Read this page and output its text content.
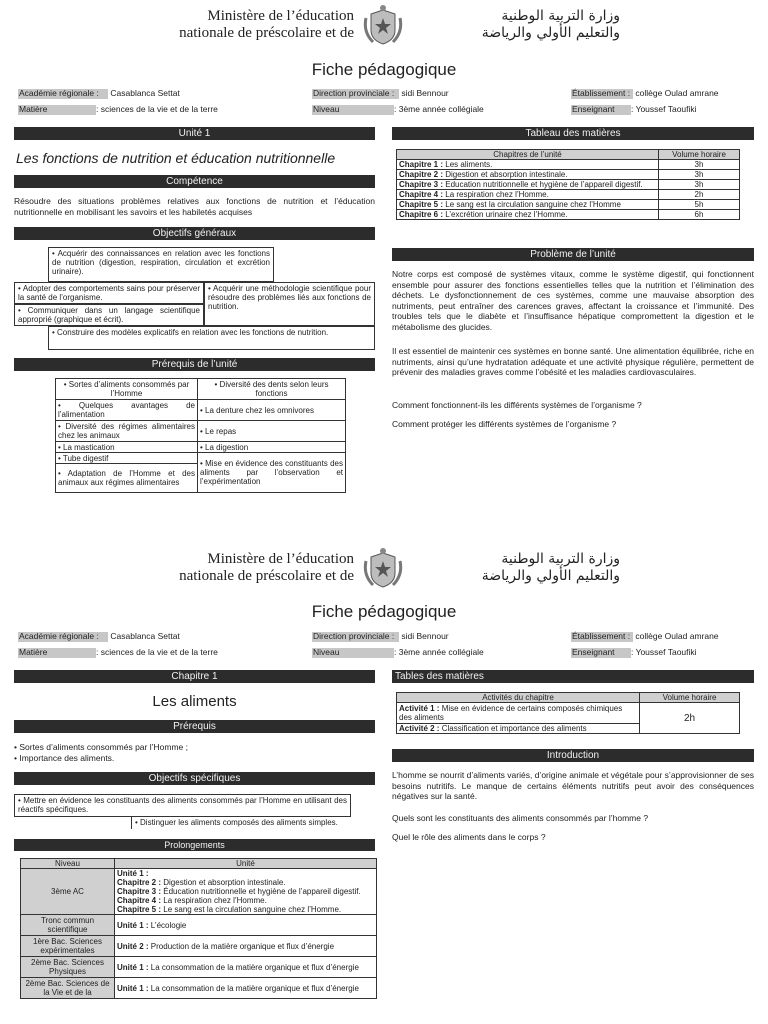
Ministère de l’éducation
nationale de préscolaire et de
وزارة التربية الوطنية
والتعليم الأولي والرياضة
Fiche pédagogique
Académie régionale : Casablanca Settat	Direction provinciale : sidi Bennour	Établissement : collège Oulad amrane
Matière	: sciences de la vie et de la terre	Niveau	: 3ème année collégiale	Enseignant : Youssef Taoufiki
Unité 1
Les fonctions de nutrition et éducation nutritionnelle
Compétence
Résoudre des situations problèmes relatives aux fonctions de nutrition et l’éducation nutritionnelle en mobilisant les savoirs et les habiletés acquises
Objectifs généraux
• Acquérir des connaissances en relation avec les fonctions de nutrition (digestion, respiration, circulation et excrétion urinaire).
• Adopter des comportements sains pour préserver la santé de l’organisme.
• Acquérir une méthodologie scientifique pour résoudre des problèmes liés aux fonctions de nutrition.
• Communiquer dans un langage scientifique approprié (graphique et écrit).
• Construire des modèles explicatifs en relation avec les fonctions de nutrition.
Prérequis de l’unité
• Sortes d’aliments consommés par l’Homme	• Diversité des dents selon leurs fonctions
• Quelques avantages de l’alimentation	• La denture chez les omnivores
• Diversité des régimes alimentaires chez les animaux	• Le repas
• La mastication	• La digestion
• Tube digestif	• Mise en évidence des constituants des aliments par l’observation et l’expérimentation
• Adaptation de l’Homme et des animaux aux régimes alimentaires	
Tableau des matières
Chapitres de l’unité	Volume horaire
Chapitre 1 : Les aliments.	3h
Chapitre 2 : Digestion et absorption intestinale.	3h
Chapitre 3 : Education nutritionnelle et hygiène de l’appareil digestif.	3h
Chapitre 4 : La respiration chez l’Homme.	2h
Chapitre 5 : Le sang est la circulation sanguine chez l’Homme	5h
Chapitre 6 : L’excrétion urinaire chez l’Homme.	6h
Problème de l’unité
Notre corps est composé de systèmes vitaux, comme le système digestif, qui fonctionnent ensemble pour assurer des fonctions essentielles telles que la nutrition et l’élimination des déchets. Le dysfonctionnement de ces systèmes, comme une mauvaise absorption des nutriments, peut entraîner des carences graves, affectant la croissance et l’immunité. Des troubles tels que le diabète et l’insuffisance hépatique compromettent la digestion et le métabolisme des glucides.
Il est essentiel de maintenir ces systèmes en bonne santé. Une alimentation équilibrée, riche en nutriments, ainsi qu’une hydratation adéquate et une activité physique régulière, permettent de prévenir des maladies graves comme l’obésité et les maladies cardiovasculaires.
Comment fonctionnent-ils les différents systèmes de l’organisme ?
Comment protéger les différents systèmes de l’organisme ?
Ministère de l’éducation
nationale de préscolaire et de
وزارة التربية الوطنية
والتعليم الأولي والرياضة
Fiche pédagogique
Académie régionale : Casablanca Settat	Direction provinciale : sidi Bennour	Établissement : collège Oulad amrane
Matière	: sciences de la vie et de la terre	Niveau	: 3ème année collégiale	Enseignant : Youssef Taoufiki
Chapitre 1
Les aliments
Prérequis
• Sortes d’aliments consommés par l’Homme ;
• Importance des aliments.
Objectifs spécifiques
• Mettre en évidence les constituants des aliments consommés par l’Homme en utilisant des réactifs spécifiques.
• Distinguer les aliments composés des aliments simples.
Prolongements
Niveau	Unité
3ème AC	Unité 1 :
Chapitre 2 : Digestion et absorption intestinale.
Chapitre 3 : Éducation nutritionnelle et hygiène de l’appareil digestif.
Chapitre 4 : La respiration chez l’Homme.
Chapitre 5 : Le sang est la circulation sanguine chez l’Homme.

Tronc commun scientifique	Unité 1 : L’écologie
1ère Bac. Sciences expérimentales	Unité 2 : Production de la matière organique et flux d’énergie
2ème Bac. Sciences Physiques	Unité 1 : La consommation de la matière organique et flux d’énergie
2ème Bac. Sciences de la Vie et de la	Unité 1 : La consommation de la matière organique et flux d’énergie
Tables des matières
Activités du chapitre	Volume horaire
Activité 1 : Mise en évidence de certains composés chimiques des aliments	2h
Activité 2 : Classification et importance des aliments	
Introduction
L’homme se nourrit d’aliments variés, d’origine animale et végétale pour s’approvisionner de ses besoins nutritifs. Le manque de certains éléments nutritifs peut avoir des conséquences négatives sur la santé.
Quels sont les constituants des aliments consommés par l’homme ?
Quel le rôle des aliments dans le corps ?
